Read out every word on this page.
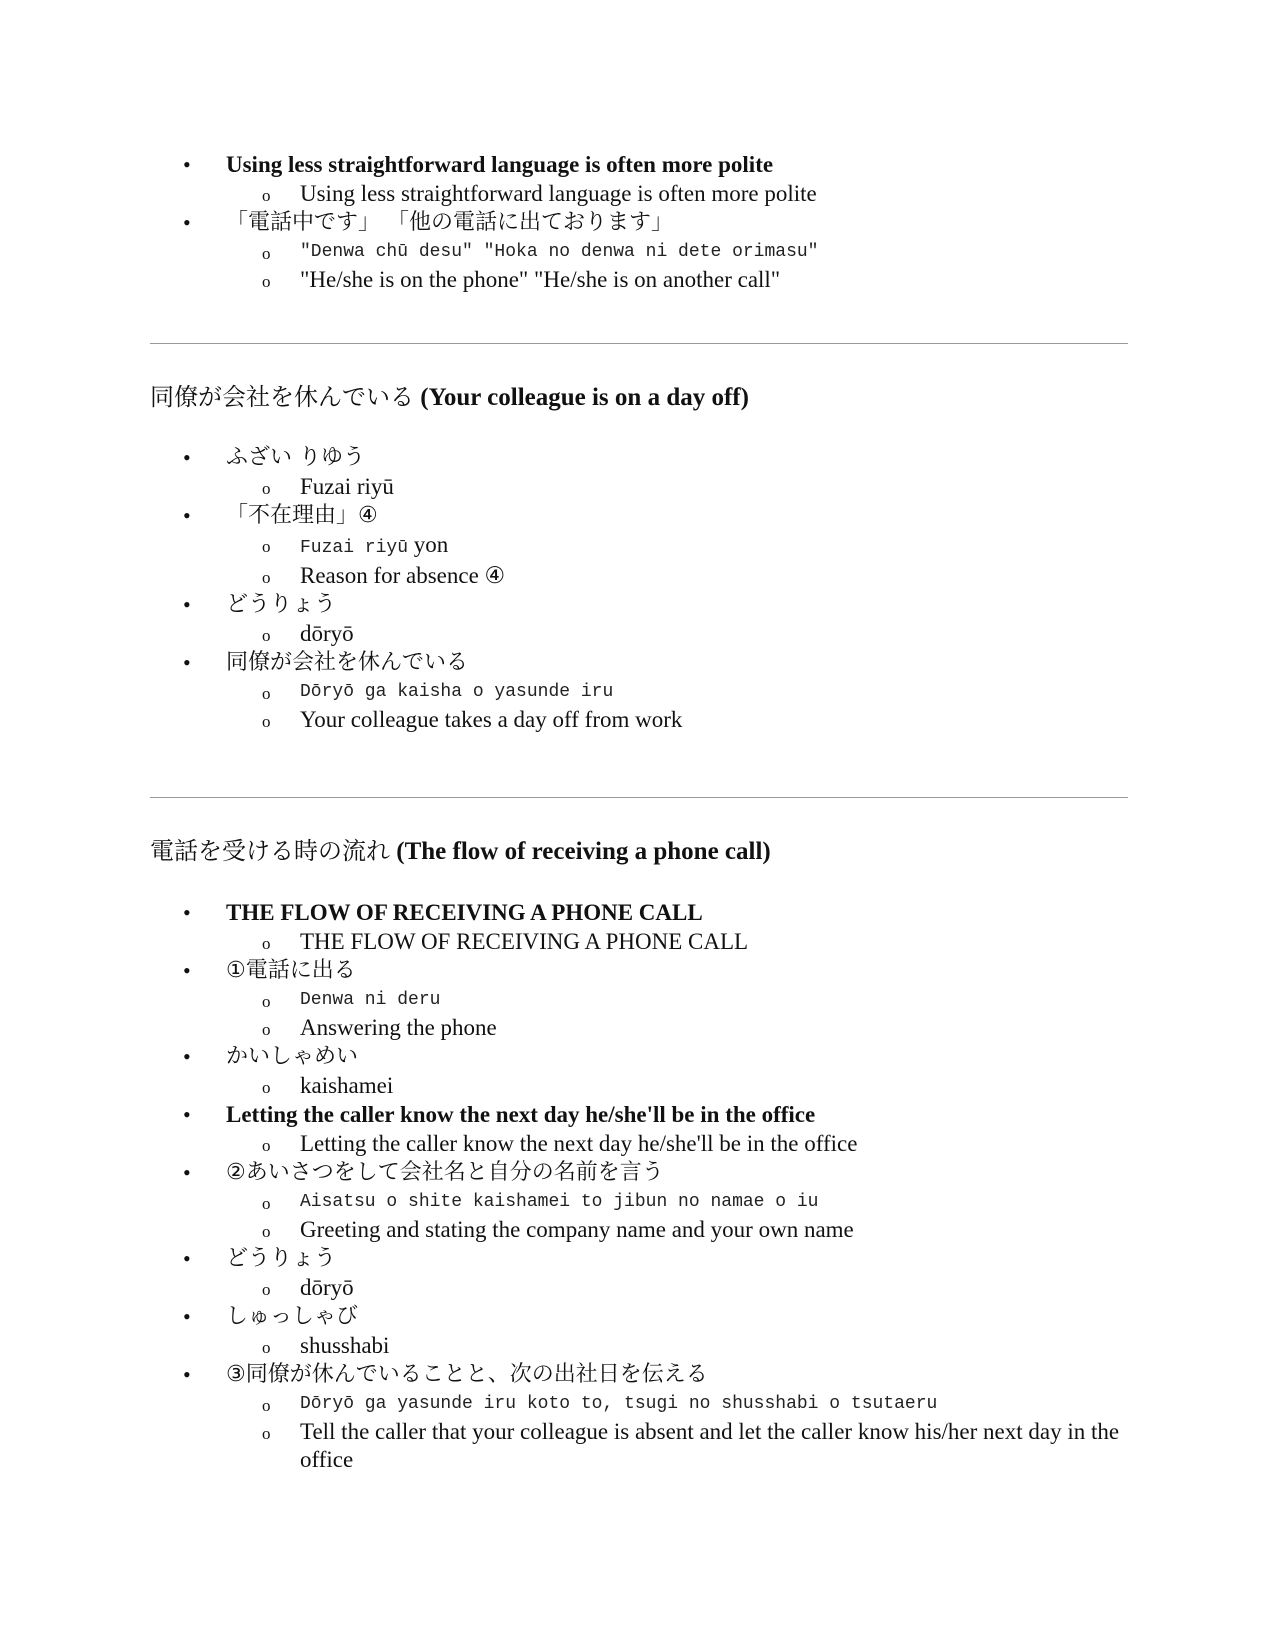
• Using less straightforward language is often more polite
o Using less straightforward language is often more polite
• 「電話中です」 「他の電話に出ております」
o "Denwa chū desu" "Hoka no denwa ni dete orimasu"
o "He/she is on the phone" "He/she is on another call"
同僚が会社を休んでいる (Your colleague is on a day off)
• ふざい りゆう
o Fuzai riyū
• 「不在理由」④
o Fuzai riyū yon
o Reason for absence ④
• どうりょう
o dōryō
• 同僚が会社を休んでいる
o Dōryō ga kaisha o yasunde iru
o Your colleague takes a day off from work
電話を受ける時の流れ (The flow of receiving a phone call)
• THE FLOW OF RECEIVING A PHONE CALL
o THE FLOW OF RECEIVING A PHONE CALL
• ①電話に出る
o Denwa ni deru
o Answering the phone
• かいしゃめい
o kaishamei
• Letting the caller know the next day he/she'll be in the office
o Letting the caller know the next day he/she'll be in the office
• ②あいさつをして会社名と自分の名前を言う
o Aisatsu o shite kaishamei to jibun no namae o iu
o Greeting and stating the company name and your own name
• どうりょう
o dōryō
• しゅっしゃび
o shusshabi
• ③同僚が休んでいることと、次の出社日を伝える
o Dōryō ga yasunde iru koto to, tsugi no shusshabi o tsutaeru
o Tell the caller that your colleague is absent and let the caller know his/her next day in the office
